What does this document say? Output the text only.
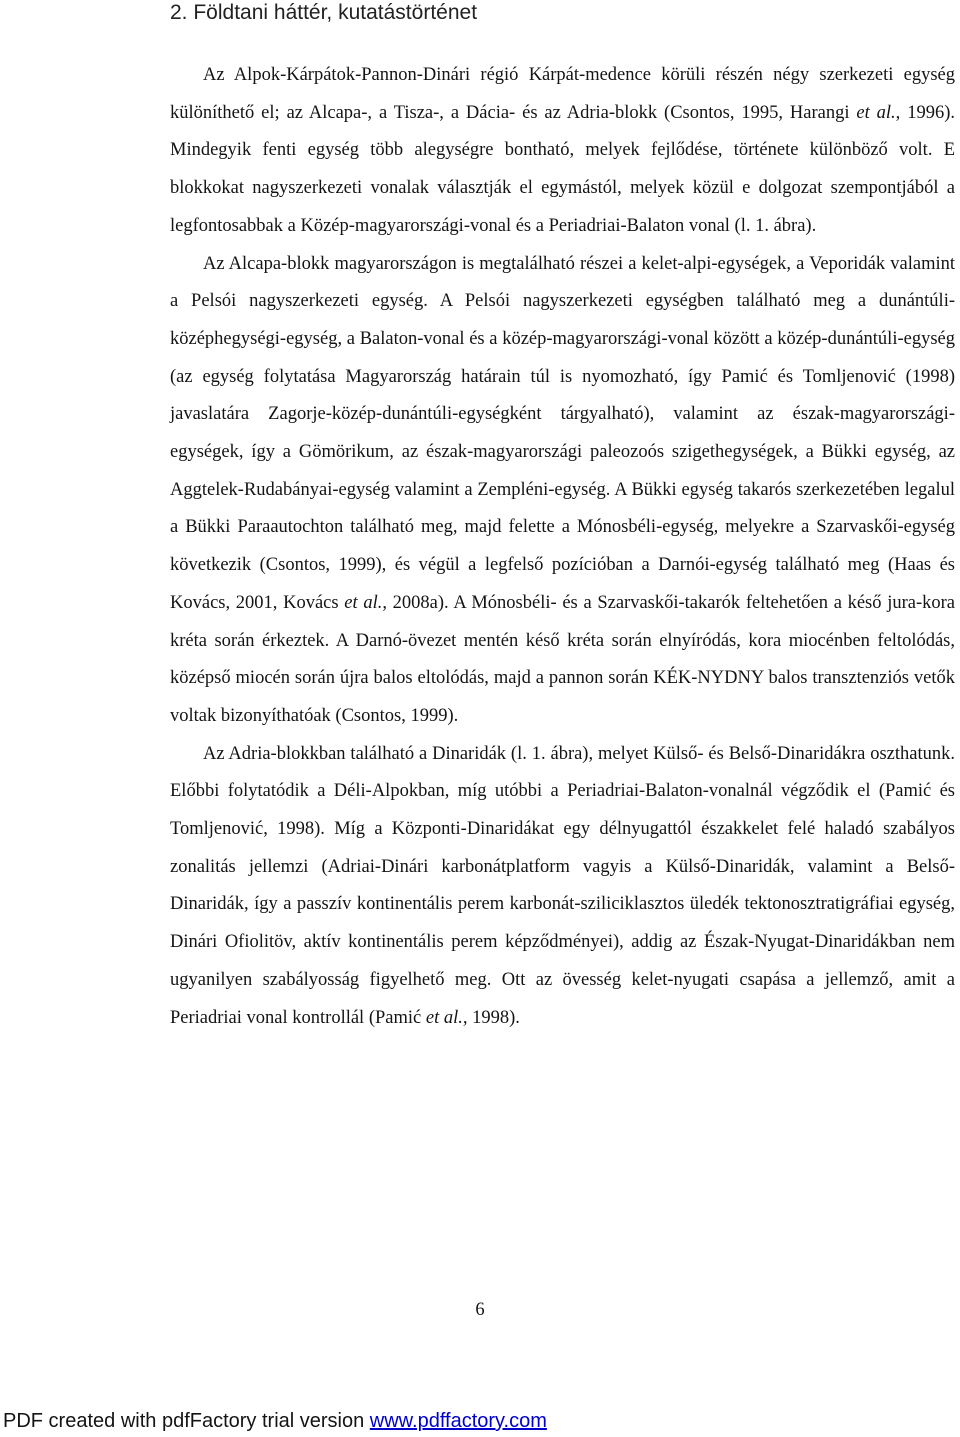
2. Földtani háttér, kutatástörténet

Az Alpok-Kárpátok-Pannon-Dinári régió Kárpát-medence körüli részén négy szerkezeti egység különíthető el; az Alcapa-, a Tisza-, a Dácia- és az Adria-blokk (Csontos, 1995, Harangi et al., 1996). Mindegyik fenti egység több alegységre bontható, melyek fejlődése, története különböző volt. E blokkokat nagyszerkezeti vonalak választják el egymástól, melyek közül e dolgozat szempontjából a legfontosabbak a Közép-magyarországi-vonal és a Periadriai-Balaton vonal (l. 1. ábra).

Az Alcapa-blokk magyarországon is megtalálható részei a kelet-alpi-egységek, a Veporidák valamint a Pelsói nagyszerkezeti egység. A Pelsói nagyszerkezeti egységben található meg a dunántúli-középhegységi-egység, a Balaton-vonal és a közép-magyarországi-vonal között a közép-dunántúli-egység (az egység folytatása Magyarország határain túl is nyomozható, így Pamić és Tomljenović (1998) javaslatára Zagorje-közép-dunántúli-egységként tárgyalható), valamint az észak-magyarországi-egységek, így a Gömörikum, az észak-magyarországi paleozoós szigethegységek, a Bükki egység, az Aggtelek-Rudabányai-egység valamint a Zempléni-egység. A Bükki egység takarós szerkezetében legalul a Bükki Paraautochton található meg, majd felette a Mónosbéli-egység, melyekre a Szarvaskői-egység következik (Csontos, 1999), és végül a legfelső pozícióban a Darnói-egység található meg (Haas és Kovács, 2001, Kovács et al., 2008a). A Mónosbéli- és a Szarvaskői-takarók feltehetően a késő jura-kora kréta során érkeztek. A Darnó-övezet mentén késő kréta során elnyíródás, kora miocénben feltolódás, középső miocén során újra balos eltolódás, majd a pannon során KÉK-NYDNY balos transztenziós vetők voltak bizonyíthatóak (Csontos, 1999).

Az Adria-blokkban található a Dinaridák (l. 1. ábra), melyet Külső- és Belső-Dinaridákra oszthatunk. Előbbi folytatódik a Déli-Alpokban, míg utóbbi a Periadriai-Balaton-vonalnál végződik el (Pamić és Tomljenović, 1998). Míg a Központi-Dinaridákat egy délnyugattól északkelet felé haladó szabályos zonalitás jellemzi (Adriai-Dinári karbonátplatform vagyis a Külső-Dinaridák, valamint a Belső-Dinaridák, így a passzív kontinentális perem karbonát-sziliciklasztos üledék tektonosztratigráfiai egység, Dinári Ofiolitöv, aktív kontinentális perem képződményei), addig az Észak-Nyugat-Dinaridákban nem ugyanilyen szabályosság figyelhető meg. Ott az övesség kelet-nyugati csapása a jellemző, amit a Periadriai vonal kontrollál (Pamić et al., 1998).

6
PDF created with pdfFactory trial version www.pdffactory.com
